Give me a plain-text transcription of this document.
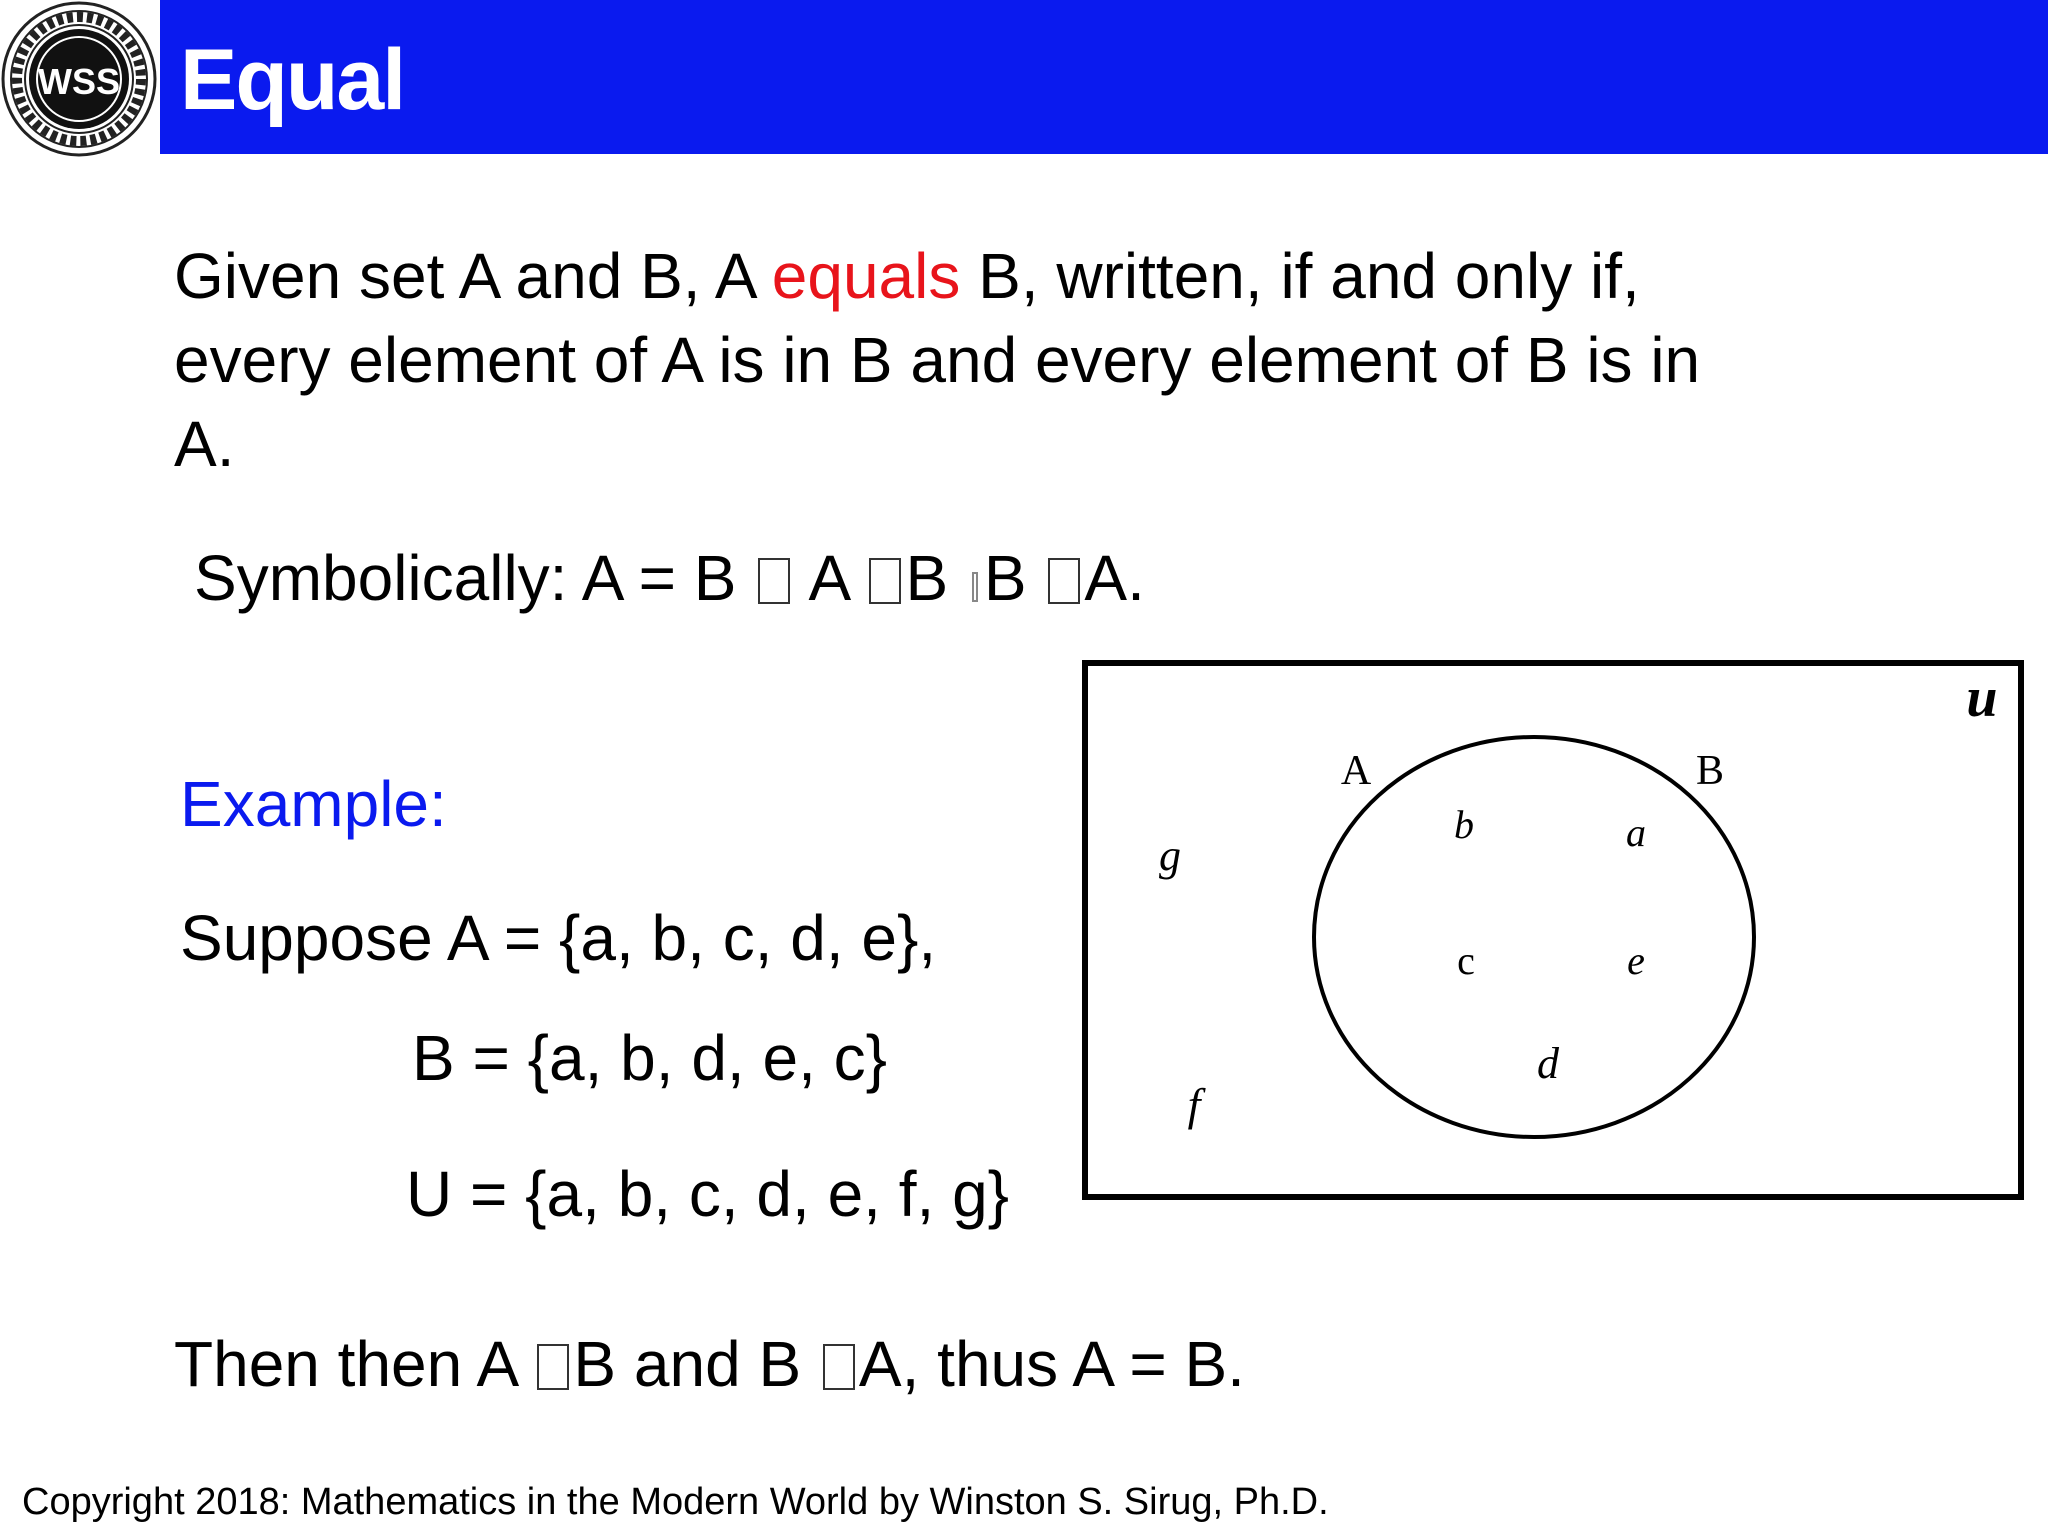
Equal
WSS

Given set A and B, A equals B, written, if and only if,

every element of A is in B and every element of B is in

A.

Symbolically: A = B  A B B A.

Example:

Suppose A = {a, b, c, d, e},

B = {a, b, d, e, c}

U = {a, b, c, d, e, f, g}

u
A	B
b	a
c	e
d
g
f

Then then A B and B A, thus A = B.

Copyright 2018: Mathematics in the Modern World by Winston S. Sirug, Ph.D.
